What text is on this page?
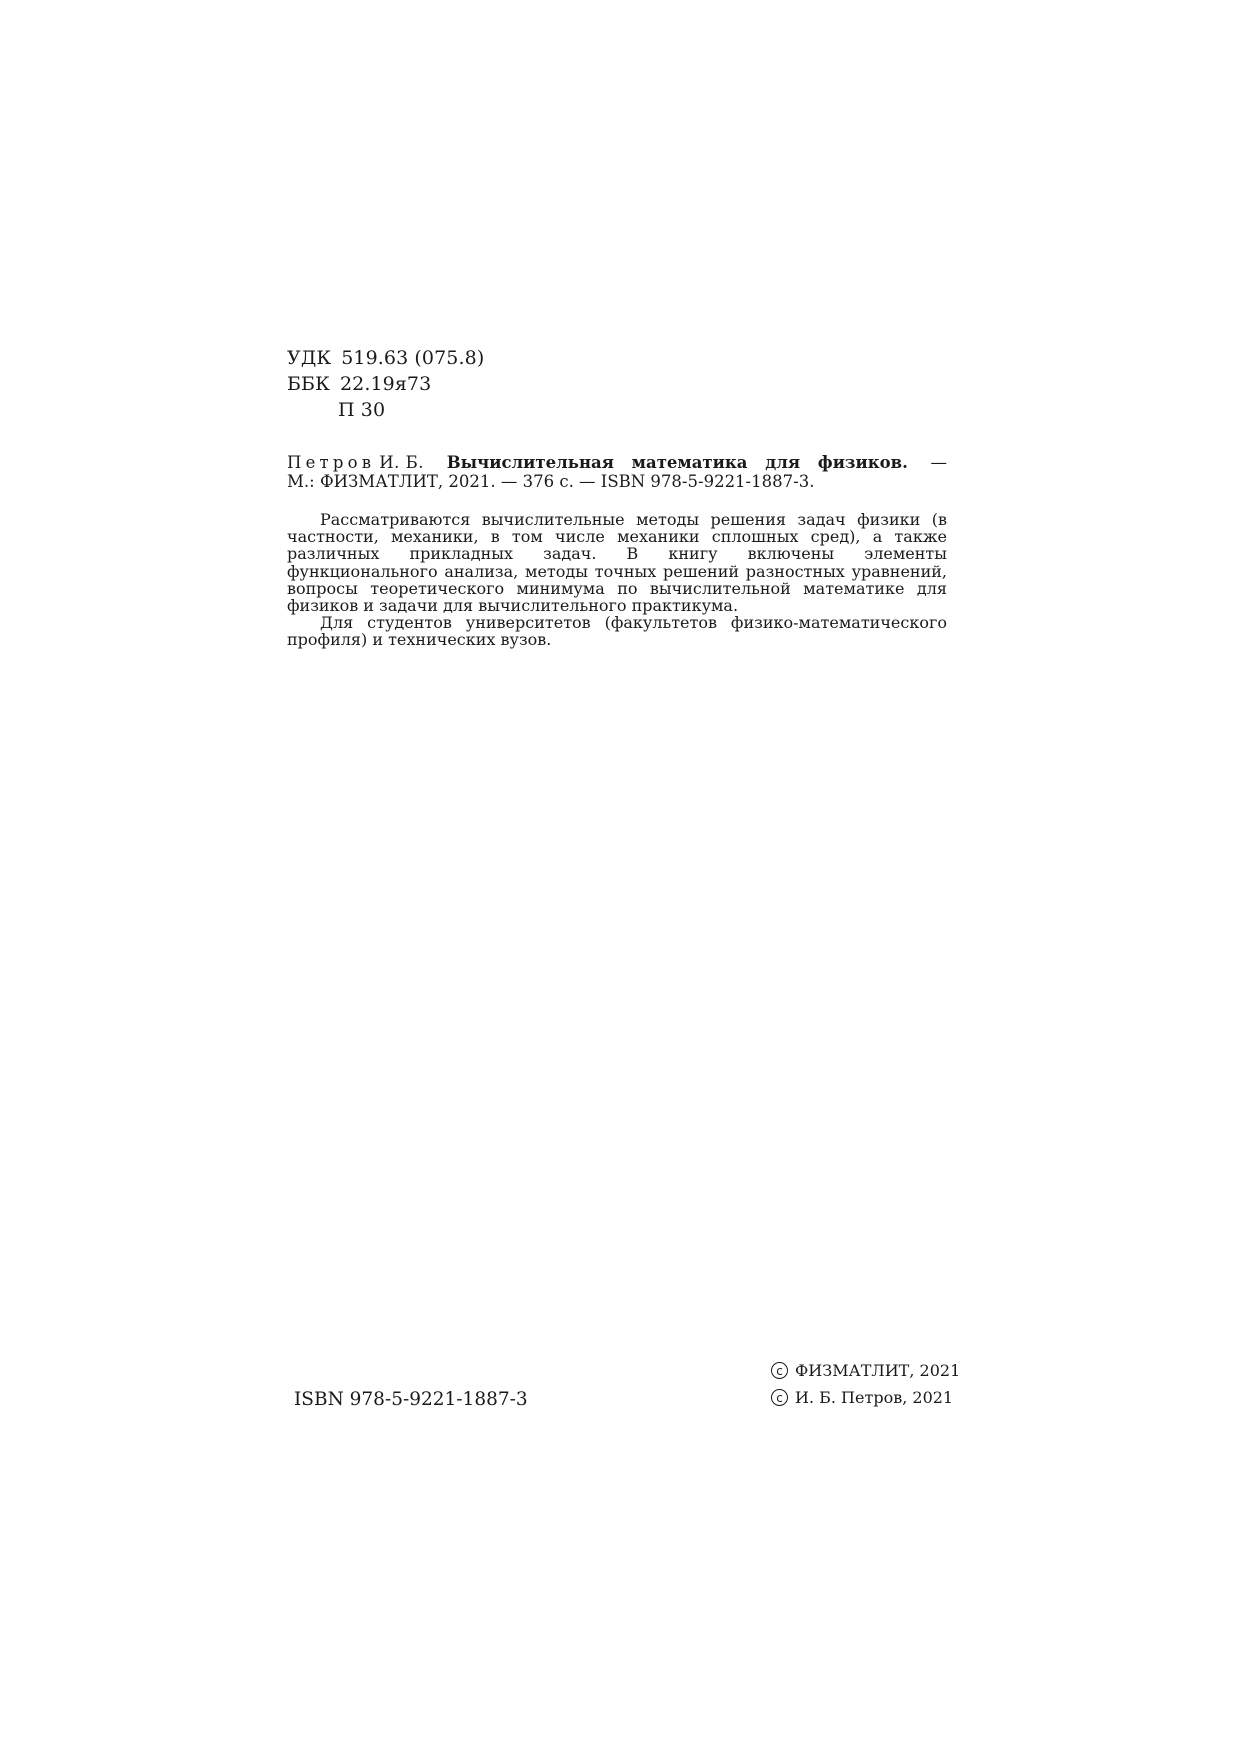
УДК 519.63 (075.8)
ББК 22.19я73
П 30
Петров И. Б. Вычислительная математика для физиков. —
М.: ФИЗМАТЛИТ, 2021. — 376 с. — ISBN 978-5-9221-1887-3.

Рассматриваются вычислительные методы решения задач физики (в частности, механики, в том числе механики сплошных сред), а также различных прикладных задач. В книгу включены элементы функционального анализа, методы точных решений разностных уравнений, вопросы теоретического минимума по вычислительной математике для физиков и задачи для вычислительного практикума.

Для студентов университетов (факультетов физико-математического профиля) и технических вузов.

ISBN 978-5-9221-1887-3
c ФИЗМАТЛИТ, 2021
c И. Б. Петров, 2021
